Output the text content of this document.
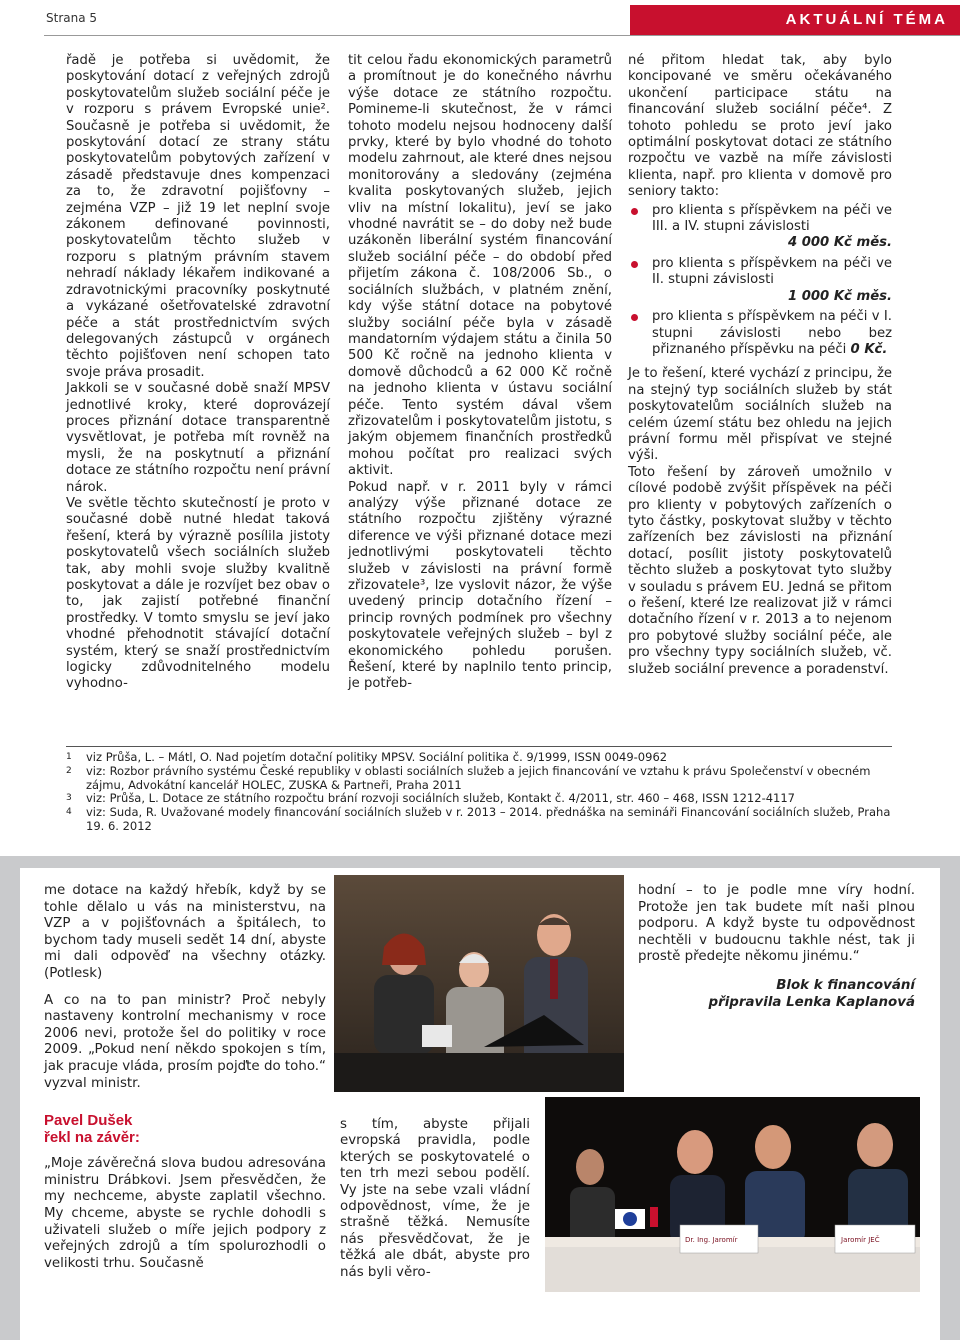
Strana 5	AKTUÁLNÍ TÉMA

řadě je potřeba si uvědomit, že poskytování dotací z veřejných zdrojů poskytovatelům služeb sociální péče je v rozporu s právem Evropské unie². Současně je potřeba si uvědomit, že poskytování dotací ze strany státu poskytovatelům pobytových zařízení v zásadě představuje dnes kompenzaci za to, že zdravotní pojišťovny – zejména VZP – již 19 let neplní svoje zákonem definované povinnosti, poskytovatelům těchto služeb v rozporu s platným právním stavem nehradí náklady lékařem indikované a zdravotnickými pracovníky poskytnuté a vykázané ošetřovatelské zdravotní péče a stát prostřednictvím svých delegovaných zástupců v orgánech těchto pojišťoven není schopen tato svoje práva prosadit.

Jakkoli se v současné době snaží MPSV jednotlivé kroky, které doprovázejí proces přiznání dotace transparentně vysvětlovat, je potřeba mít rovněž na mysli, že na poskytnutí a přiznání dotace ze státního rozpočtu není právní nárok.

Ve světle těchto skutečností je proto v současné době nutné hledat taková řešení, která by výrazně posílila jistoty poskytovatelů všech sociálních služeb tak, aby mohli svoje služby kvalitně poskytovat a dále je rozvíjet bez obav o to, jak zajistí potřebné finanční prostředky. V tomto smyslu se jeví jako vhodné přehodnotit stávající dotační systém, který se snaží prostřednictvím logicky zdůvodnitelného modelu vyhodno-

tit celou řadu ekonomických parametrů a promítnout je do konečného návrhu výše dotace ze státního rozpočtu. Pomineme-li skutečnost, že v rámci tohoto modelu nejsou hodnoceny další prvky, které by bylo vhodné do tohoto modelu zahrnout, ale které dnes nejsou monitorovány a sledovány (zejména kvalita poskytovaných služeb, jejich vliv na místní lokalitu), jeví se jako vhodné navrátit se – do doby než bude uzákoněn liberální systém financování služeb sociální péče – do období před přijetím zákona č. 108/2006 Sb., o sociálních službách, v platném znění, kdy výše státní dotace na pobytové služby sociální péče byla v zásadě mandatorním výdajem státu a činila 50 500 Kč ročně na jednoho klienta v domově důchodců a 62 000 Kč ročně na jednoho klienta v ústavu sociální péče. Tento systém dával všem zřizovatelům i poskytovatelům jistotu, s jakým objemem finančních prostředků mohou počítat pro realizaci svých aktivit.

Pokud např. v r. 2011 byly v rámci analýzy výše přiznané dotace ze státního rozpočtu zjištěny výrazné diference ve výši přiznané dotace mezi jednotlivými poskytovateli těchto služeb v závislosti na právní formě zřizovatele³, lze vyslovit názor, že výše uvedený princip dotačního řízení – princip rovných podmínek pro všechny poskytovatele veřejných služeb – byl z ekonomického pohledu porušen. Řešení, které by naplnilo tento princip, je potřeb-

né přitom hledat tak, aby bylo koncipované ve směru očekávaného ukončení participace státu na financování služeb sociální péče⁴. Z tohoto pohledu se proto jeví jako optimální poskytovat dotaci ze státního rozpočtu ve vazbě na míře závislosti klienta, např. pro klienta v domově pro seniory takto:

pro klienta s příspěvkem na péči ve III. a IV. stupni závislosti
4 000 Kč měs.
pro klienta s příspěvkem na péči ve II. stupni závislosti
1 000 Kč měs.
pro klienta s příspěvkem na péči v I. stupni závislosti nebo bez přiznaného příspěvku na péči 0 Kč.

Je to řešení, které vychází z principu, že na stejný typ sociálních služeb by stát poskytovatelům sociálních služeb na celém území státu bez ohledu na jejich právní formu měl přispívat ve stejné výši.

Toto řešení by zároveň umožnilo v cílové podobě zvýšit příspěvek na péči pro klienty v pobytových zařízeních o tyto částky, poskytovat služby v těchto zařízeních bez závislosti na přiznání dotací, posílit jistoty poskytovatelů těchto služeb a poskytovat tyto služby v souladu s právem EU. Jedná se přitom o řešení, které lze realizovat již v rámci dotačního řízení v r. 2013 a to nejenom pro pobytové služby sociální péče, ale pro všechny typy sociálních služeb, vč. služeb sociální prevence a poradenství.

1	viz Průša, L. – Mátl, O. Nad pojetím dotační politiky MPSV. Sociální politika č. 9/1999, ISSN 0049-0962
2	viz: Rozbor právního systému České republiky v oblasti sociálních služeb a jejich financování ve vztahu k právu Společenství v obecném zájmu, Advokátní kancelář HOLEC, ZUSKA & Partneři, Praha 2011
3	viz: Průša, L. Dotace ze státního rozpočtu brání rozvoji sociálních služeb, Kontakt č. 4/2011, str. 460 – 468, ISSN 1212-4117
4	viz: Suda, R. Uvažované modely financování sociálních služeb v r. 2013 – 2014. přednáška na semináři Financování sociálních služeb, Praha 19. 6. 2012

me dotace na každý hřebík, když by se tohle dělalo u vás na ministerstvu, na VZP a v pojišťovnách a špitálech, to bychom tady museli sedět 14 dní, abyste mi dali odpověď na všechny otázky. (Potlesk)

A co na to pan ministr? Proč nebyly nastaveny kontrolní mechanismy v roce 2006 nevi, protože šel do politiky v roce 2009. „Pokud není někdo spokojen s tím, jak pracuje vláda, prosím pojďte do toho.“ vyzval ministr.

Pavel Dušek
řekl na závěr:

„Moje závěrečná slova budou adresována ministru Drábkovi. Jsem přesvědčen, že my nechceme, abyste zaplatil všechno. My chceme, abyste se rychle dohodli s uživateli služeb o míře jejich podpory z veřejných zdrojů a tím spolurozhodli o velikosti trhu. Současně

s tím, abyste přijali evropská pravidla, podle kterých se poskytovatelé o ten trh mezi sebou podělí. Vy jste na sebe vzali vládní odpovědnost, víme, že je strašně těžká. Nemusíte nás přesvědčovat, že je těžká ale dbát, abyste pro nás byli věro-

hodní – to je podle mne víry hodní. Protože jen tak budete mít naši plnou podporu. A když byste tu odpovědnost nechtěli v budoucnu takhle nést, tak ji prostě předejte někomu jinému.“

Blok k financování
připravila Lenka Kaplanová
Dr. Ing. Jaromír	Jaromír JEČ
